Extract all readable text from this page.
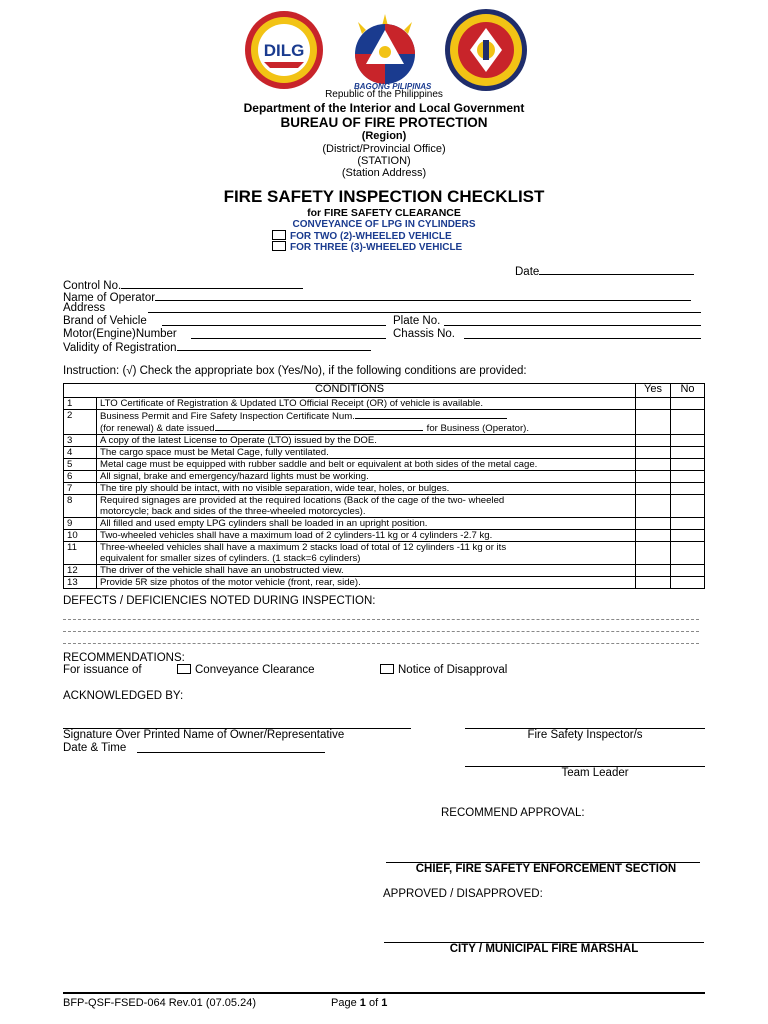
DILG
BAGONG PILIPINAS
Republic of the Philippines
Department of the Interior and Local Government
BUREAU OF FIRE PROTECTION
(Region)
(District/Provincial Office)
(STATION)
(Station Address)
FIRE SAFETY INSPECTION CHECKLIST
for FIRE SAFETY CLEARANCE
CONVEYANCE OF LPG IN CYLINDERS
FOR TWO (2)-WHEELED VEHICLE
FOR THREE (3)-WHEELED VEHICLE
Date
Control No.
Name of Operator
Address
Brand of Vehicle	Plate No.
Motor(Engine)Number	Chassis No.
Validity of Registration
Instruction: (√) Check the appropriate box (Yes/No), if the following conditions are provided:
CONDITIONS		Yes	No
1	LTO Certificate of Registration & Updated LTO Official Receipt (OR) of vehicle is available.		

2	Business Permit and Fire Safety Inspection Certificate Num.
(for renewal) & date issued for Business (Operator).		

3	A copy of the latest License to Operate (LTO) issued by the DOE.		

4	The cargo space must be Metal Cage, fully ventilated.		

5	Metal cage must be equipped with rubber saddle and belt or equivalent at both sides of the metal cage.		

6	All signal, brake and emergency/hazard lights must be working.		

7	The tire ply should be intact, with no visible separation, wide tear, holes, or bulges.		

8	Required signages are provided at the required locations (Back of the cage of the two- wheeled
motorcycle; back and sides of the three-wheeled motorcycles).		

9	All filled and used empty LPG cylinders shall be loaded in an upright position.		

10	Two-wheeled vehicles shall have a maximum load of 2 cylinders-11 kg or 4 cylinders -2.7 kg.		

11	Three-wheeled vehicles shall have a maximum 2 stacks load of total of 12 cylinders -11 kg or its
equivalent for smaller sizes of cylinders. (1 stack=6 cylinders)		

12	The driver of the vehicle shall have an unobstructed view.		

13	Provide 5R size photos of the motor vehicle (front, rear, side).		

DEFECTS / DEFICIENCIES NOTED DURING INSPECTION:
RECOMMENDATIONS:
For issuance of	Conveyance Clearance	Notice of Disapproval
ACKNOWLEDGED BY:
Signature Over Printed Name of Owner/Representative
Date & Time
Fire Safety Inspector/s
Team Leader
RECOMMEND APPROVAL:
CHIEF, FIRE SAFETY ENFORCEMENT SECTION
APPROVED / DISAPPROVED:
CITY / MUNICIPAL FIRE MARSHAL
BFP-QSF-FSED-064 Rev.01 (07.05.24)	Page 1 of 1
